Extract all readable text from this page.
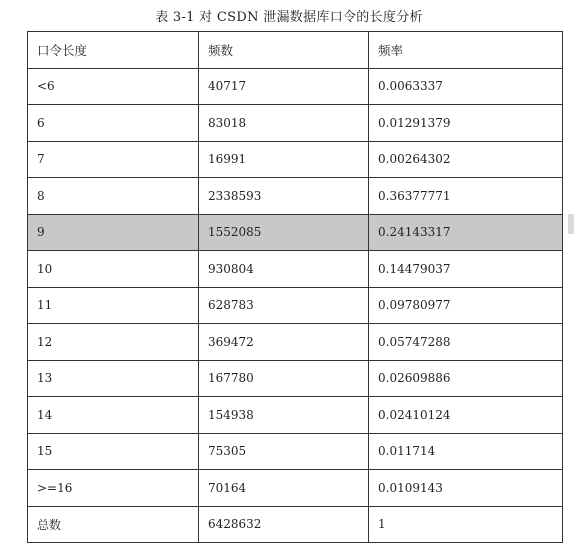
表 3-1 对 CSDN 泄漏数据库口令的长度分析
口令长度	频数	频率
<6	40717	0.0063337
6	83018	0.01291379
7	16991	0.00264302
8	2338593	0.36377771
9	1552085	0.24143317
10	930804	0.14479037
11	628783	0.09780977
12	369472	0.05747288
13	167780	0.02609886
14	154938	0.02410124
15	75305	0.011714
>=16	70164	0.0109143
总数	6428632	1
